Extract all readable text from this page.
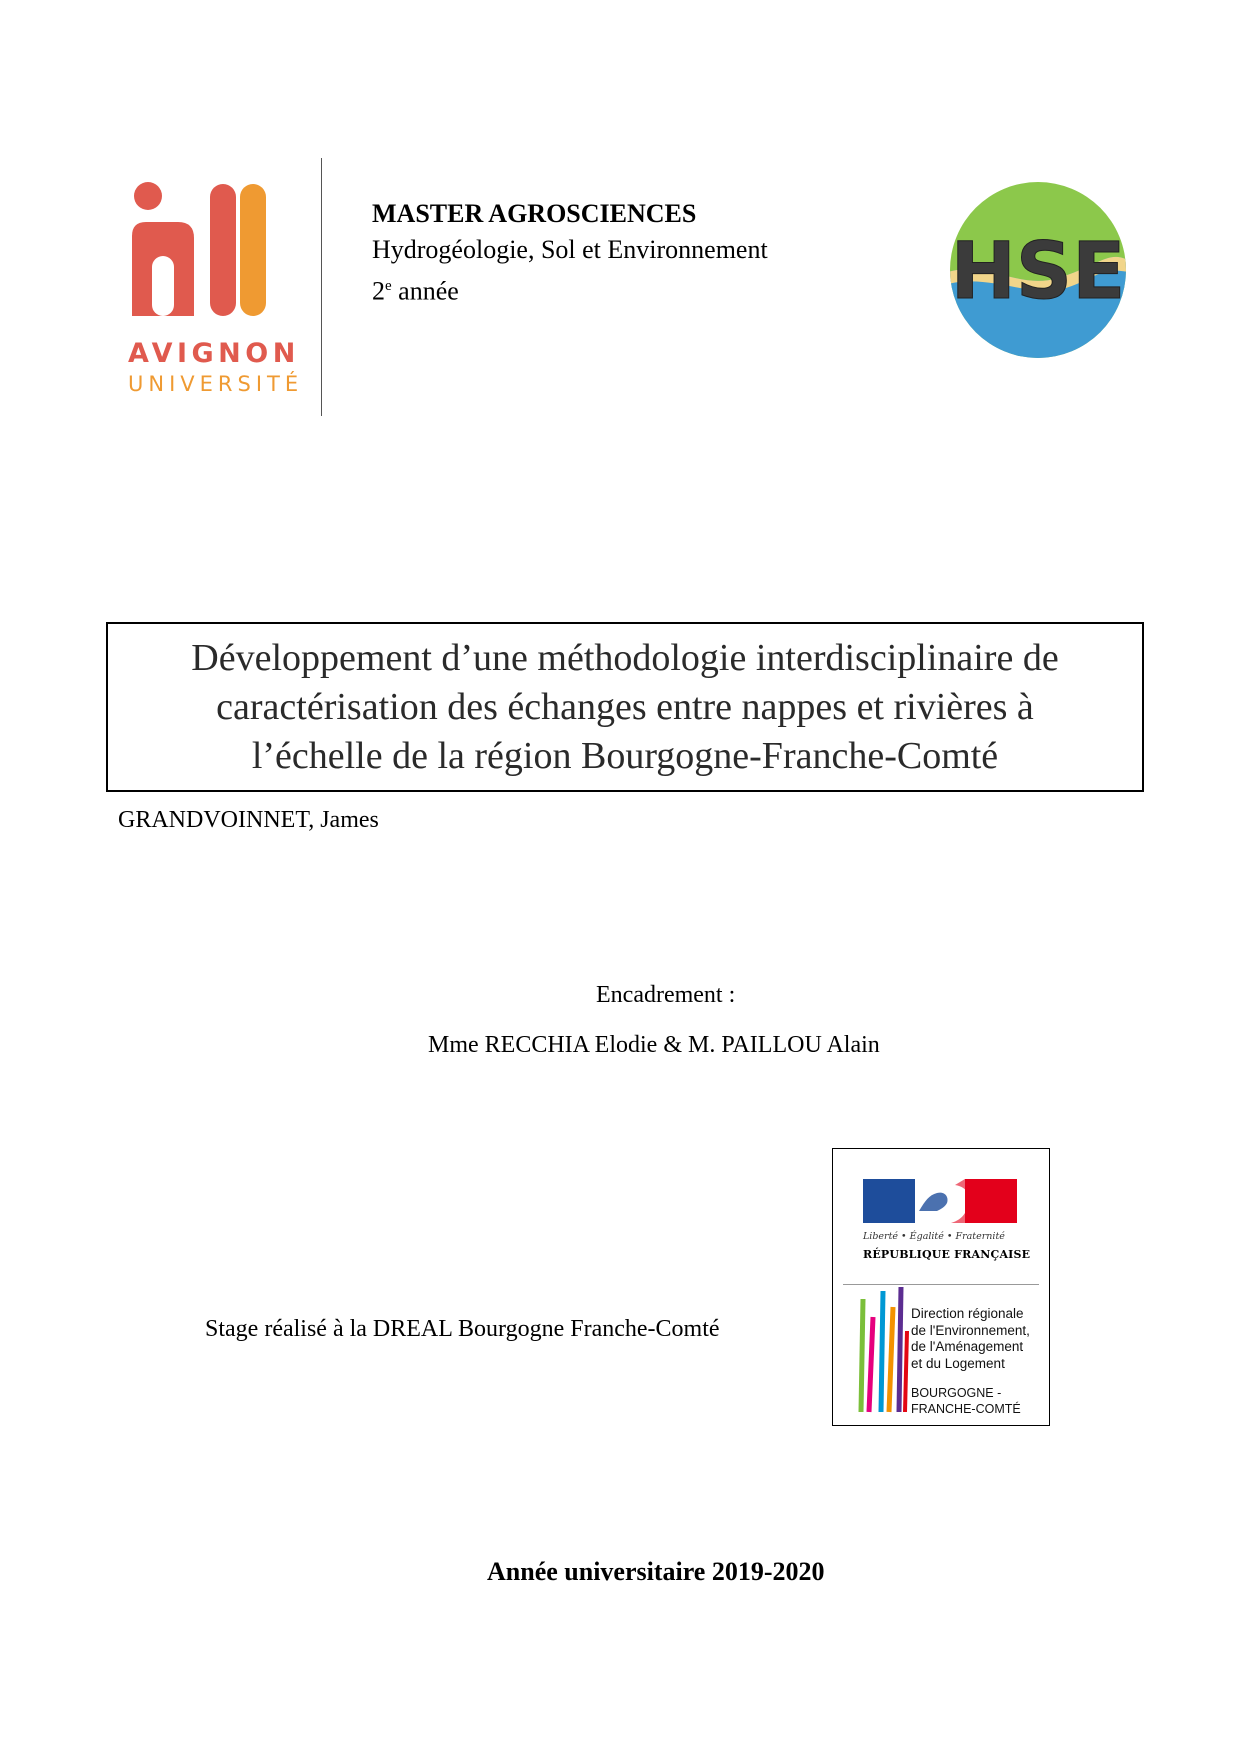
AVIGNON
UNIVERSITÉ
MASTER AGROSCIENCES
Hydrogéologie, Sol et Environnement
2e année	HSE
Développement d’une méthodologie interdisciplinaire de
caractérisation des échanges entre nappes et rivières à
l’échelle de la région Bourgogne-Franche-Comté
GRANDVOINNET, James
Encadrement :
Mme RECCHIA Elodie & M. PAILLOU Alain
Stage réalisé à la DREAL Bourgogne Franche-Comté
Liberté • Égalité • Fraternité
RÉPUBLIQUE FRANÇAISE
Direction régionale
de l'Environnement,
de l'Aménagement
et du Logement
BOURGOGNE -
FRANCHE-COMTÉ
Année universitaire 2019-2020
